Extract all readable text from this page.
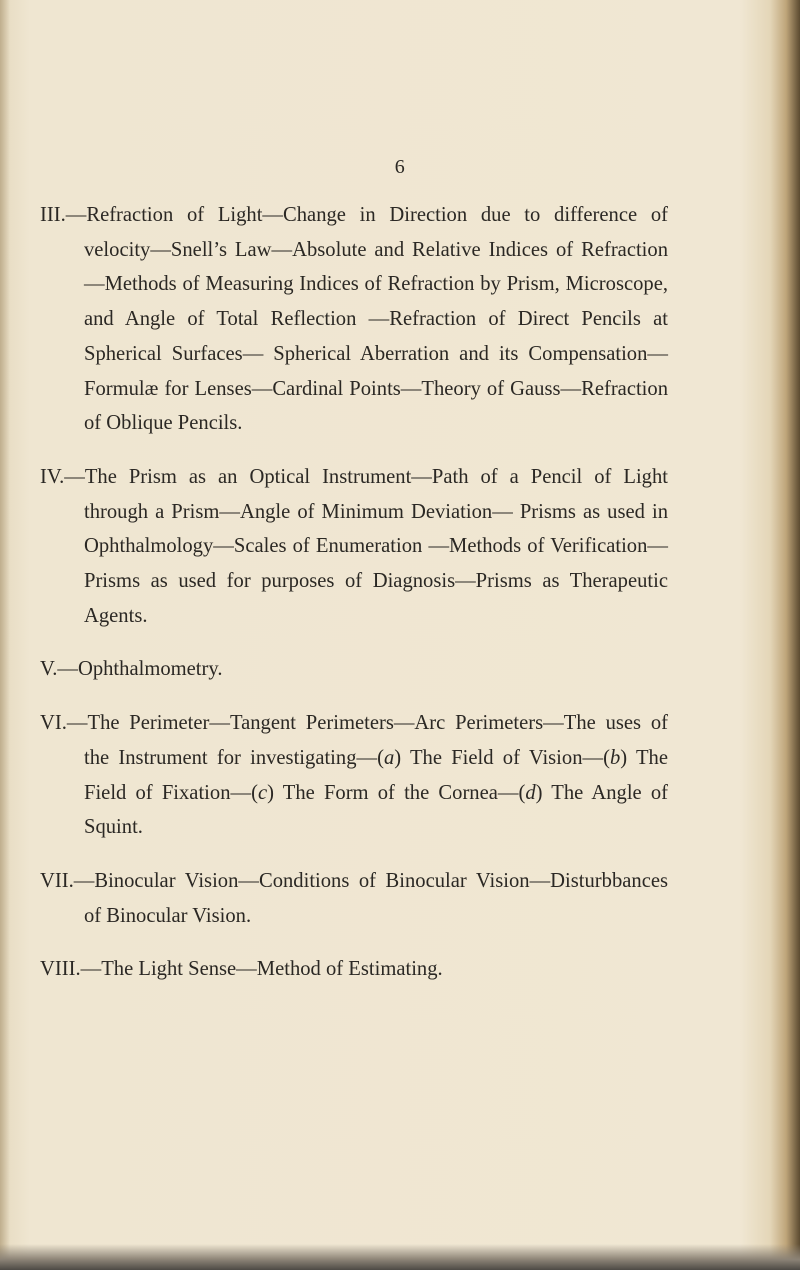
6

III.—Refraction of Light—Change in Direction due to difference of velocity—Snell’s Law—Absolute and Relative Indices of Refraction—Methods of Measuring Indices of Refraction by Prism, Microscope, and Angle of Total Reflection —Refraction of Direct Pencils at Spherical Surfaces— Spherical Aberration and its Compensation—Formulæ for Lenses—Cardinal Points—Theory of Gauss—Refraction of Oblique Pencils.

IV.—The Prism as an Optical Instrument—Path of a Pencil of Light through a Prism—Angle of Minimum Deviation— Prisms as used in Ophthalmology—Scales of Enumeration —Methods of Verification—Prisms as used for purposes of Diagnosis—Prisms as Therapeutic Agents.

V.—Ophthalmometry.

VI.—The Perimeter—Tangent Perimeters—Arc Perimeters—The uses of the Instrument for investigating—(a) The Field of Vision—(b) The Field of Fixation—(c) The Form of the Cornea—(d) The Angle of Squint.

VII.—Binocular Vision—Conditions of Binocular Vision—Disturbbances of Binocular Vision.

VIII.—The Light Sense—Method of Estimating.
